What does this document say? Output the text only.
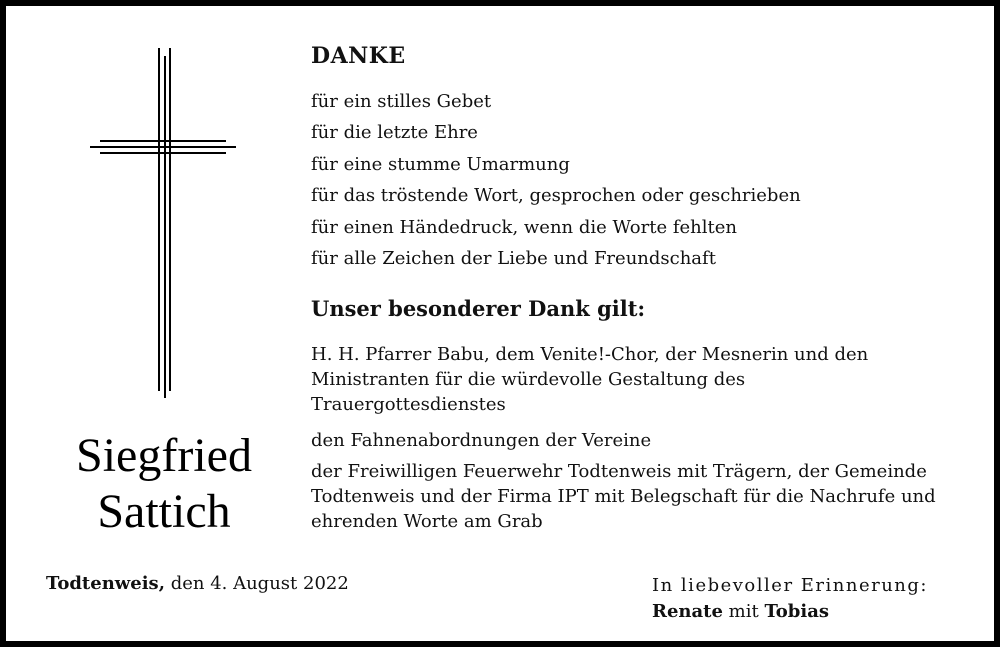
Siegfried
Sattich
DANKE
für ein stilles Gebet
für die letzte Ehre
für eine stumme Umarmung
für das tröstende Wort, gesprochen oder geschrieben
für einen Händedruck, wenn die Worte fehlten
für alle Zeichen der Liebe und Freundschaft
Unser besonderer Dank gilt:
H. H. Pfarrer Babu, dem Venite!-Chor, der Mesnerin und den Ministranten für die würdevolle Gestaltung des Trauergottesdienstes
den Fahnenabordnungen der Vereine
der Freiwilligen Feuerwehr Todtenweis mit Trägern, der Gemeinde Todtenweis und der Firma IPT mit Belegschaft für die Nachrufe und ehrenden Worte am Grab
Todtenweis, den 4. August 2022	In liebevoller Erinnerung:
Renate mit Tobias
